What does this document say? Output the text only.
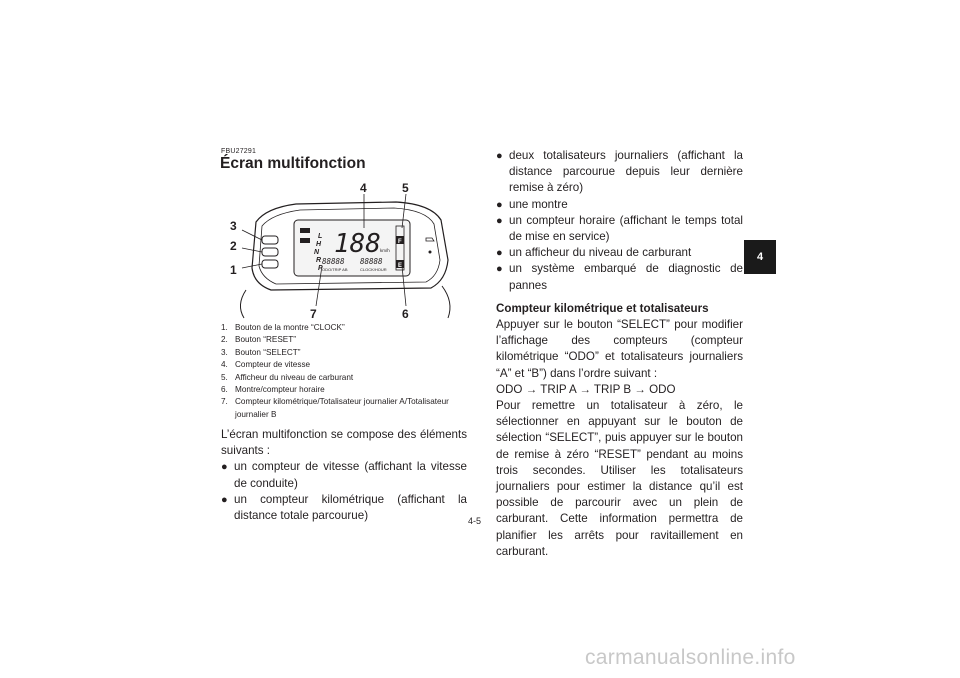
FBU27291
Écran multifonction
L
H
N
R
P
188 km/h
88888 88888
ODO/TRIP AB	CLOCK/HOUR
F
E
4	5
3
2
1
7	6
1. Bouton de la montre “CLOCK”
2. Bouton “RESET”
3. Bouton “SELECT”
4. Compteur de vitesse
5. Afficheur du niveau de carburant
6. Montre/compteur horaire
7. Compteur kilométrique/Totalisateur journalier A/Totalisateur journalier B
L’écran multifonction se compose des éléments suivants :
● un compteur de vitesse (affichant la vitesse de conduite)
● un compteur kilométrique (affichant la distance totale parcourue)
● deux totalisateurs journaliers (affichant la distance parcourue depuis leur dernière remise à zéro)
● une montre
● un compteur horaire (affichant le temps total de mise en service)
● un afficheur du niveau de carburant
● un système embarqué de diagnostic de pannes
Compteur kilométrique et totalisateurs
Appuyer sur le bouton “SELECT” pour modifier l’affichage des compteurs (compteur kilométrique “ODO” et totalisateurs journaliers “A” et “B”) dans l’ordre suivant :
ODO → TRIP A → TRIP B → ODO
Pour remettre un totalisateur à zéro, le sélectionner en appuyant sur le bouton de sélection “SELECT”, puis appuyer sur le bouton de remise à zéro “RESET” pendant au moins trois secondes. Utiliser les totalisateurs journaliers pour estimer la distance qu’il est possible de parcourir avec un plein de carburant. Cette information permettra de planifier les arrêts pour ravitaillement en carburant.
4
4-5
carmanualsonline.info
